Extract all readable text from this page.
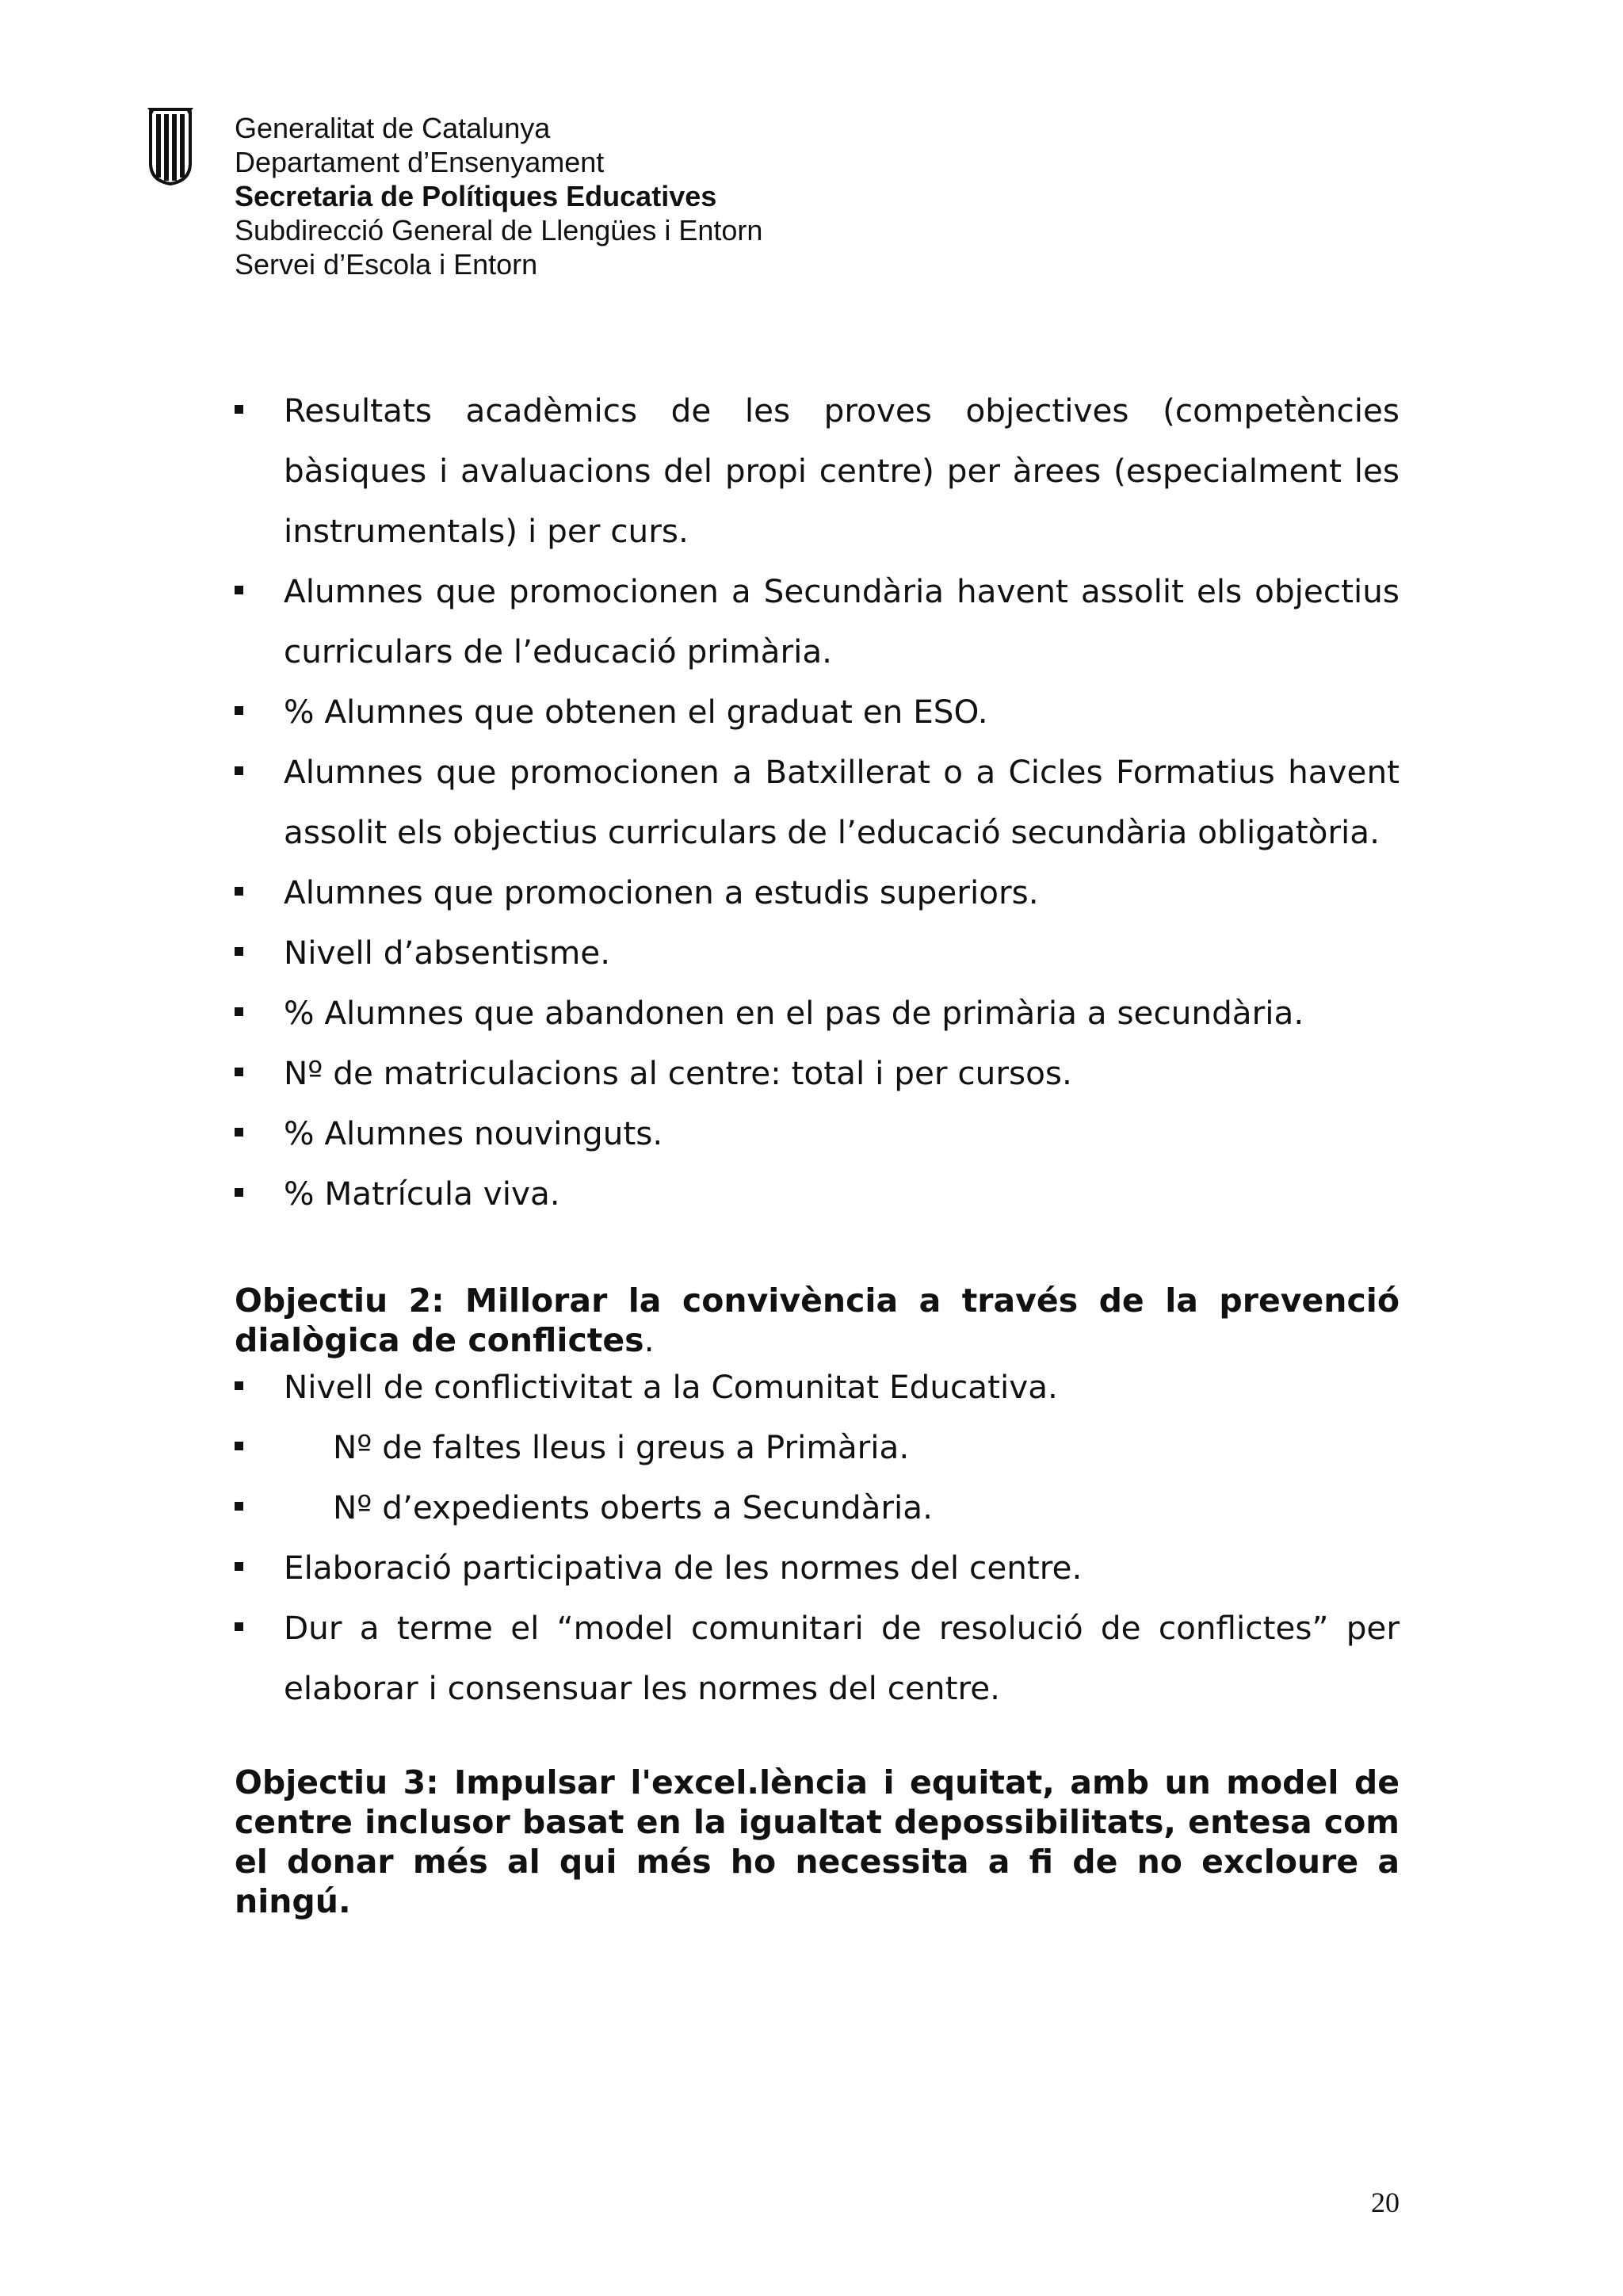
Generalitat de Catalunya
Departament d’Ensenyament
Secretaria de Polítiques Educatives
Subdirecció General de Llengües i Entorn
Servei d’Escola i Entorn
Resultats acadèmics de les proves objectives (competències bàsiques i avaluacions del propi centre) per àrees (especialment les instrumentals) i per curs.
Alumnes que promocionen a Secundària havent assolit els objectius curriculars de l’educació primària.
% Alumnes que obtenen el graduat en ESO.
Alumnes que promocionen a Batxillerat o a Cicles Formatius havent assolit els objectius curriculars de l’educació secundària obligatòria.
Alumnes que promocionen a estudis superiors.
Nivell d’absentisme.
% Alumnes que abandonen en el pas de primària a secundària.
Nº de matriculacions al centre: total i per cursos.
% Alumnes nouvinguts.
% Matrícula viva.
Objectiu 2: Millorar la convivència a través de la prevenció dialògica de conflictes.
Nivell de conflictivitat a la Comunitat Educativa.
Nº de faltes lleus i greus a Primària.
Nº d’expedients oberts a Secundària.
Elaboració participativa de les normes del centre.
Dur a terme el “model comunitari de resolució de conflictes” per elaborar i consensuar les normes del centre.
Objectiu 3: Impulsar l'excel.lència i equitat, amb un model de centre inclusor basat en la igualtat depossibilitats, entesa com el donar més al qui més ho necessita a fi de no excloure a ningú.
20
